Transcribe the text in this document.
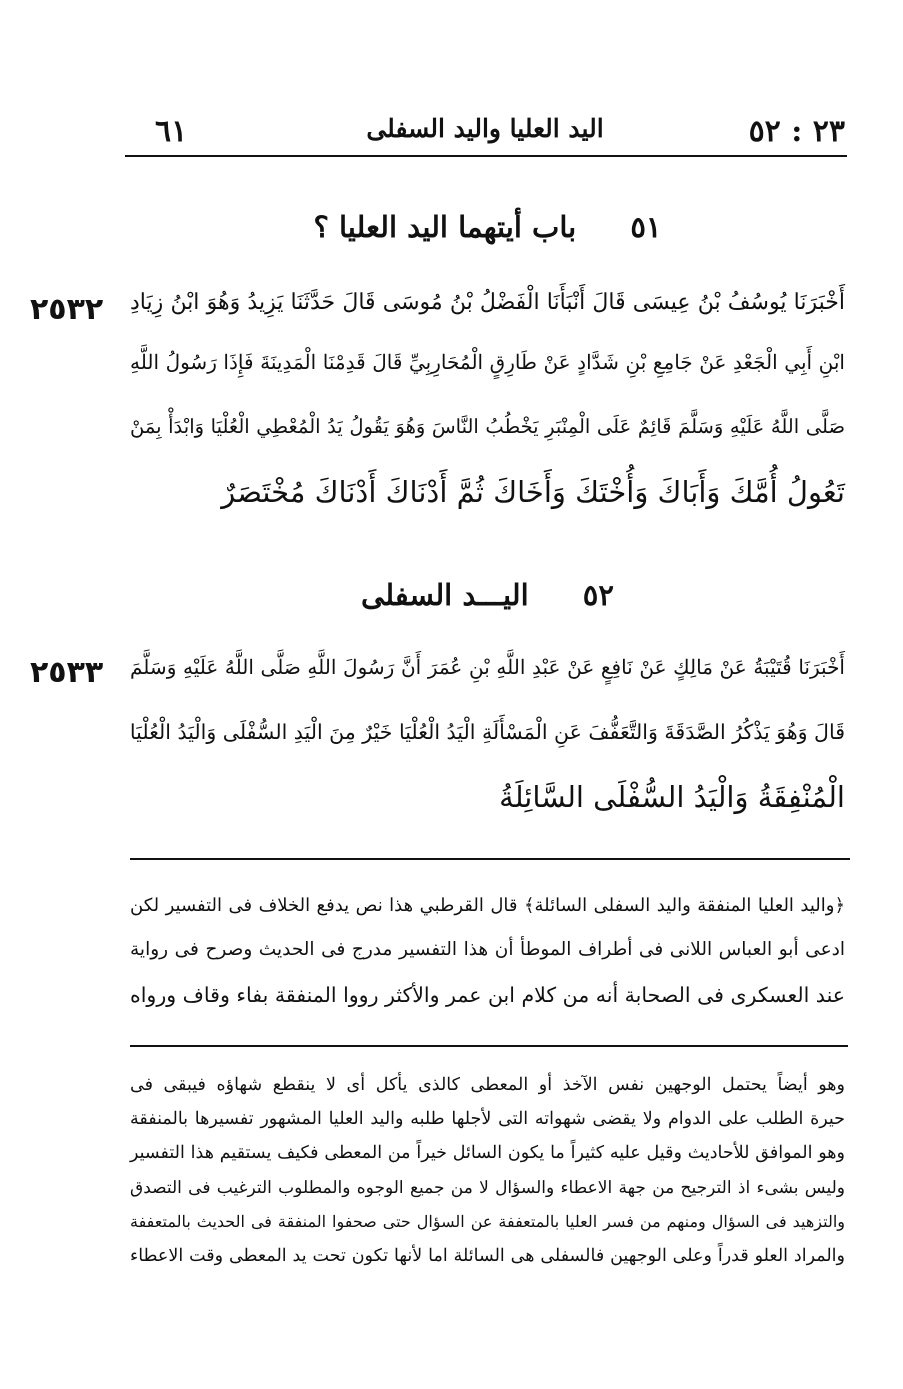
٢٣ : ٥٢
اليد العليا واليد السفلى
٦١
٥١ باب أيتهما اليد العليا ؟
٢٥٣٢ أَخْبَرَنَا يُوسُفُ بْنُ عِيسَى قَالَ أَنْبَأَنَا الْفَضْلُ بْنُ مُوسَى قَالَ حَدَّثَنَا يَزِيدُ وَهُوَ ابْنُ زِيَادِ
ابْنِ أَبِي الْجَعْدِ عَنْ جَامِعِ بْنِ شَدَّادٍ عَنْ طَارِقٍ الْمُحَارِبِيِّ قَالَ قَدِمْنَا الْمَدِينَةَ فَإِذَا رَسُولُ اللَّهِ
صَلَّى اللَّهُ عَلَيْهِ وَسَلَّمَ قَائِمٌ عَلَى الْمِنْبَرِ يَخْطُبُ النَّاسَ وَهُوَ يَقُولُ يَدُ الْمُعْطِي الْعُلْيَا وَابْدَأْ بِمَنْ
تَعُولُ أُمَّكَ وَأَبَاكَ وَأُخْتَكَ وَأَخَاكَ ثُمَّ أَدْنَاكَ أَدْنَاكَ مُخْتَصَرٌ
٥٢ اليـــد السفلى
٢٥٣٣ أَخْبَرَنَا قُتَيْبَةُ عَنْ مَالِكٍ عَنْ نَافِعٍ عَنْ عَبْدِ اللَّهِ بْنِ عُمَرَ أَنَّ رَسُولَ اللَّهِ صَلَّى اللَّهُ عَلَيْهِ وَسَلَّمَ
قَالَ وَهُوَ يَذْكُرُ الصَّدَقَةَ وَالتَّعَفُّفَ عَنِ الْمَسْأَلَةِ الْيَدُ الْعُلْيَا خَيْرٌ مِنَ الْيَدِ السُّفْلَى وَالْيَدُ الْعُلْيَا
الْمُنْفِقَةُ وَالْيَدُ السُّفْلَى السَّائِلَةُ
﴿واليد العليا المنفقة واليد السفلى السائلة﴾ قال القرطبي هذا نص يدفع الخلاف فى التفسير لكن
ادعى أبو العباس اللانى فى أطراف الموطأ أن هذا التفسير مدرج فى الحديث وصرح فى رواية
عند العسكرى فى الصحابة أنه من كلام ابن عمر والأكثر رووا المنفقة بفاء وقاف ورواه
وهو أيضاً يحتمل الوجهين نفس الآخذ أو المعطى كالذى يأكل أى لا ينقطع شهاؤه فيبقى فى
حيرة الطلب على الدوام ولا يقضى شهواته التى لأجلها طلبه واليد العليا المشهور تفسيرها بالمنفقة
وهو الموافق للأحاديث وقيل عليه كثيراً ما يكون السائل خيراً من المعطى فكيف يستقيم هذا التفسير
وليس بشىء اذ الترجيح من جهة الاعطاء والسؤال لا من جميع الوجوه والمطلوب الترغيب فى التصدق
والتزهيد فى السؤال ومنهم من فسر العليا بالمتعففة عن السؤال حتى صحفوا المنفقة فى الحديث بالمتعففة
والمراد العلو قدراً وعلى الوجهين فالسفلى هى السائلة اما لأنها تكون تحت يد المعطى وقت الاعطاء
